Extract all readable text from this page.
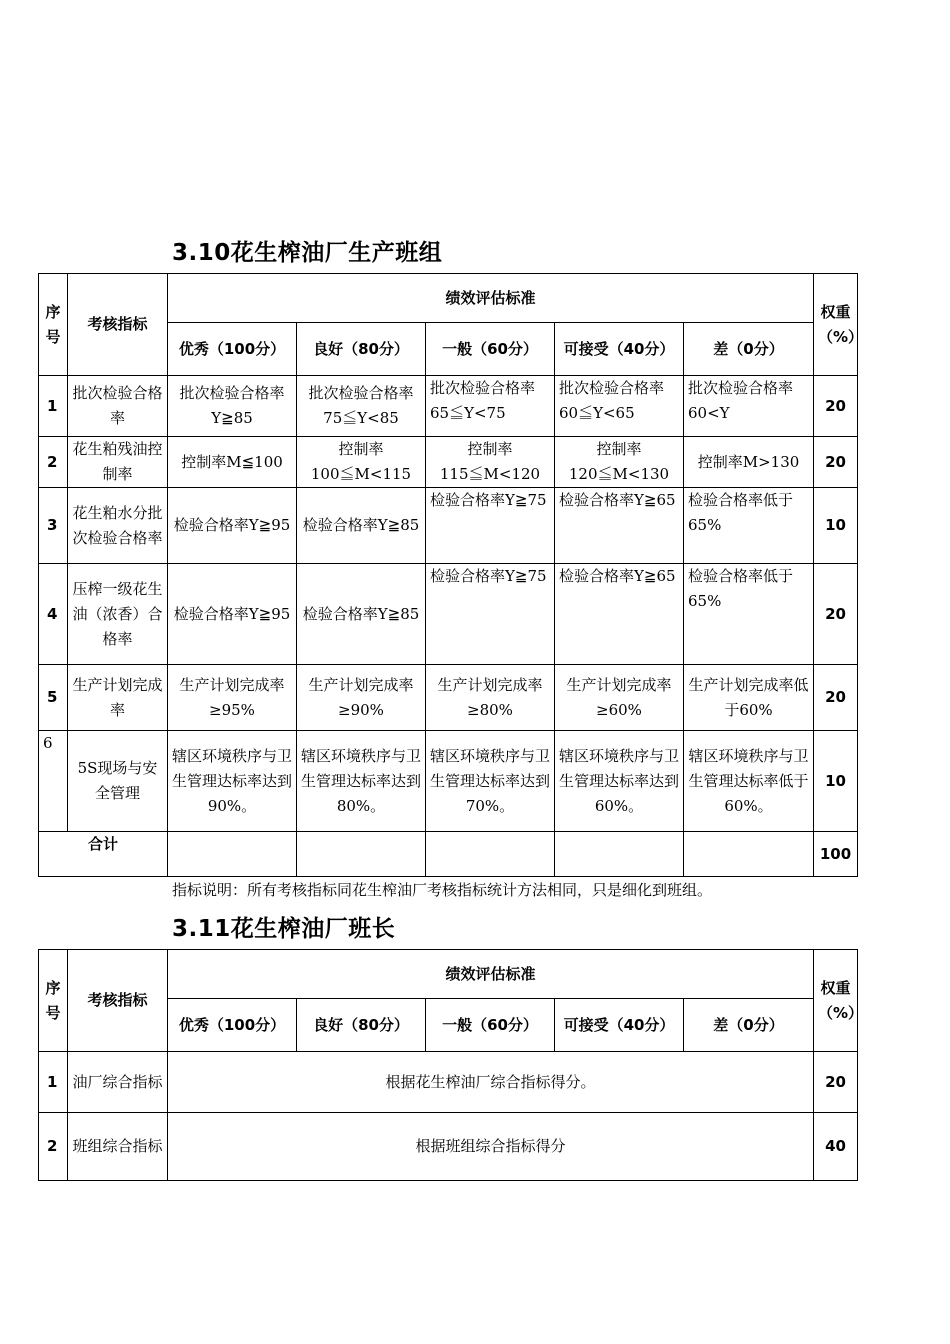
3.10花生榨油厂生产班组
序号	考核指标	绩效评估标准					权重（%）
		优秀（100分）	良好（80分）	一般（60分）	可接受（40分）	差（0分）	
1	批次检验合格率	批次检验合格率Y≧85	批次检验合格率75≦Y<85	批次检验合格率65≦Y<75	批次检验合格率60≦Y<65	批次检验合格率60<Y	20
2	花生粕残油控制率	控制率M≦100	控制率100≦M<115	控制率115≦M<120	控制率120≦M<130	控制率M>130	20
3	花生粕水分批次检验合格率	检验合格率Y≧95	检验合格率Y≧85	检验合格率Y≧75	检验合格率Y≧65	检验合格率低于65%	10
4	压榨一级花生油（浓香）合格率	检验合格率Y≧95	检验合格率Y≧85	检验合格率Y≧75	检验合格率Y≧65	检验合格率低于65%	20
5	生产计划完成率	生产计划完成率≥95%	生产计划完成率≥90%	生产计划完成率≥80%	生产计划完成率≥60%	生产计划完成率低于60%	20
6	5S现场与安全管理	辖区环境秩序与卫生管理达标率达到90%。	辖区环境秩序与卫生管理达标率达到80%。	辖区环境秩序与卫生管理达标率达到70%。	辖区环境秩序与卫生管理达标率达到60%。	辖区环境秩序与卫生管理达标率低于60%。	10
合计							100

指标说明：所有考核指标同花生榨油厂考核指标统计方法相同，只是细化到班组。

3.11花生榨油厂班长
序号	考核指标	绩效评估标准					权重（%）
		优秀（100分）	良好（80分）	一般（60分）	可接受（40分）	差（0分）	
1	油厂综合指标	根据花生榨油厂综合指标得分。					20
2	班组综合指标	根据班组综合指标得分					40
